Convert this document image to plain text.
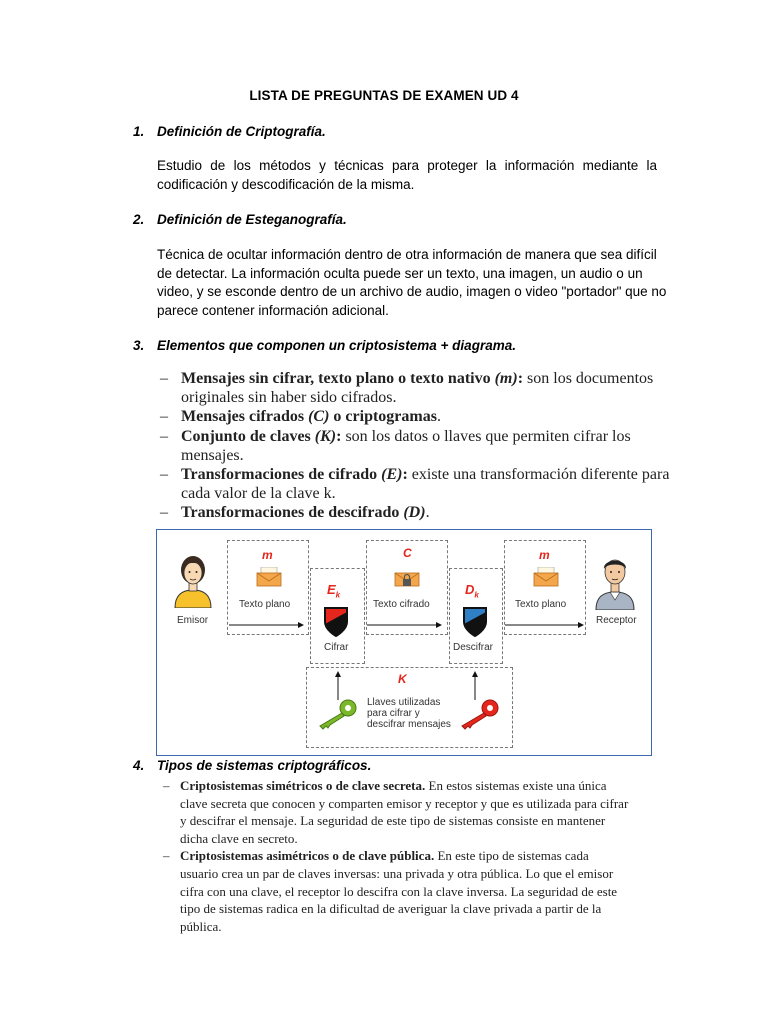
LISTA DE PREGUNTAS DE EXAMEN UD 4
1. Definición de Criptografía.
Estudio de los métodos y técnicas para proteger la información mediante la codificación y descodificación de la misma.
2. Definición de Esteganografía.
Técnica de ocultar información dentro de otra información de manera que sea difícil de detectar. La información oculta puede ser un texto, una imagen, un audio o un video, y se esconde dentro de un archivo de audio, imagen o video "portador" que no parece contener información adicional.
3. Elementos que componen un criptosistema + diagrama.
– Mensajes sin cifrar, texto plano o texto nativo (m): son los documentos originales sin haber sido cifrados.
– Mensajes cifrados (C) o criptogramas.
– Conjunto de claves (K): son los datos o llaves que permiten cifrar los mensajes.
– Transformaciones de cifrado (E): existe una transformación diferente para cada valor de la clave k.
– Transformaciones de descifrado (D).
Emisor	Receptor
m	C	m
K
Texto plano	Texto cifrado	Texto plano
$E_k$	$D_k$
Cifrar	Descifrar
Llaves utilizadas
para cifrar y
descifrar mensajes
4. Tipos de sistemas criptográficos.
– Criptosistemas simétricos o de clave secreta. En estos sistemas existe una única clave secreta que conocen y comparten emisor y receptor y que es utilizada para cifrar y descifrar el mensaje. La seguridad de este tipo de sistemas consiste en mantener dicha clave en secreto.
– Criptosistemas asimétricos o de clave pública. En este tipo de sistemas cada usuario crea un par de claves inversas: una privada y otra pública. Lo que el emisor cifra con una clave, el receptor lo descifra con la clave inversa. La seguridad de este tipo de sistemas radica en la dificultad de averiguar la clave privada a partir de la pública.
